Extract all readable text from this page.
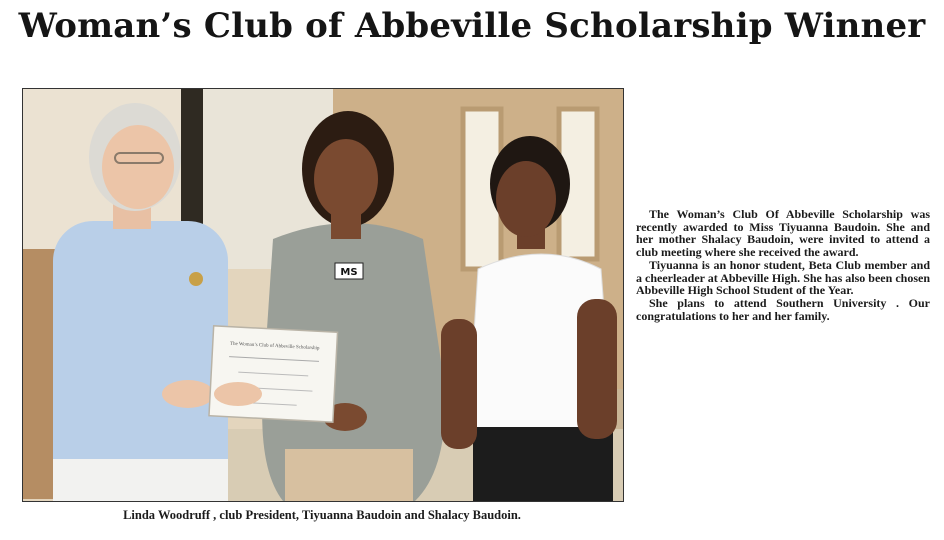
Woman’s Club of Abbeville Scholarship Winner
MS
The Woman’s Club of Abbeville Scholarship
Linda Woodruff , club President, Tiyuanna Baudoin and Shalacy Baudoin.

The Woman’s Club Of Abbeville Scholarship was recently awarded to Miss Tiyuanna Baudoin. She and her mother Shalacy Baudoin, were invited to attend a club meeting where she received the award.

Tiyuanna is an honor student, Beta Club member and a cheerleader at Abbeville High. She has also been chosen Abbeville High School Student of the Year.

She plans to attend Southern University . Our congratulations to her and her family.
